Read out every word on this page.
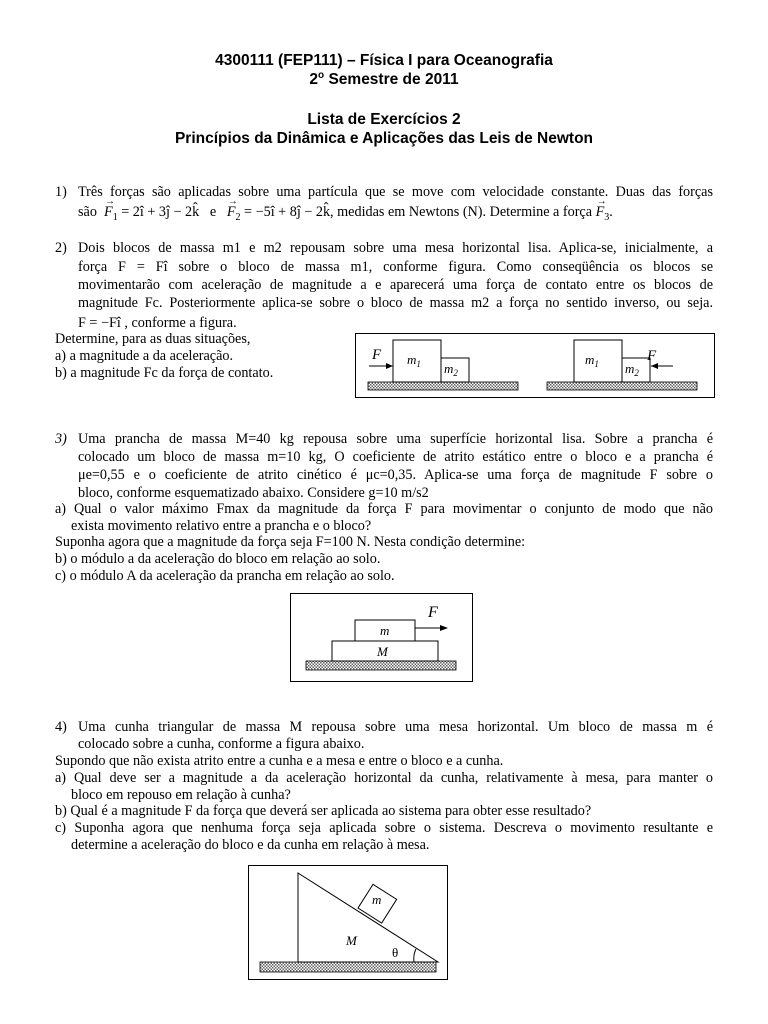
4300111 (FEP111) – Física I para Oceanografia
2$^o$ Semestre de 2011
Lista de Exercícios 2
Princípios da Dinâmica e Aplicações das Leis de Newton
1) Três forças são aplicadas sobre uma partícula que se move com velocidade constante. Duas das forças
são → $F_1$ = 2î + 3ĵ − 2k̂ $e \to F_2$ = −5î + 8ĵ − 2k̂, medidas em Newtons (N). Determine a força → $F_3$.
2) Dois blocos de massa m1 e m2 repousam sobre uma mesa horizontal lisa. Aplica-se, inicialmente, a
força F = Fî sobre o bloco de massa m1, conforme figura. Como conseqüência os blocos se
movimentarão com aceleração de magnitude a e aparecerá uma força de contato entre os blocos de
magnitude Fc. Posteriormente aplica-se sobre o bloco de massa m2 a força no sentido inverso, ou seja.
F = −Fî , conforme a figura.
Determine, para as duas situações,
a) a magnitude a da aceleração.
b) a magnitude Fc da força de contato.
F $m_1$ $m_2$
F
$m_1$ $m_2$
3) Uma prancha de massa M=40 kg repousa sobre uma superfície horizontal lisa. Sobre a prancha é
colocado um bloco de massa m=10 kg, O coeficiente de atrito estático entre o bloco e a prancha é
μe=0,55 e o coeficiente de atrito cinético é μc=0,35. Aplica-se uma força de magnitude F sobre o
bloco, conforme esquematizado abaixo. Considere g=10 m/s2
a) Qual o valor máximo Fmax da magnitude da força F para movimentar o conjunto de modo que não
exista movimento relativo entre a prancha e o bloco?
Suponha agora que a magnitude da força seja F=100 N. Nesta condição determine:
b) o módulo a da aceleração do bloco em relação ao solo.
c) o módulo A da aceleração da prancha em relação ao solo.
F
m
M
4) Uma cunha triangular de massa M repousa sobre uma mesa horizontal. Um bloco de massa m é
colocado sobre a cunha, conforme a figura abaixo.
Supondo que não exista atrito entre a cunha e a mesa e entre o bloco e a cunha.
a) Qual deve ser a magnitude a da aceleração horizontal da cunha, relativamente à mesa, para manter o
bloco em repouso em relação à cunha?
b) Qual é a magnitude F da força que deverá ser aplicada ao sistema para obter esse resultado?
c) Suponha agora que nenhuma força seja aplicada sobre o sistema. Descreva o movimento resultante e
determine a aceleração do bloco e da cunha em relação à mesa.
m
M
θ
